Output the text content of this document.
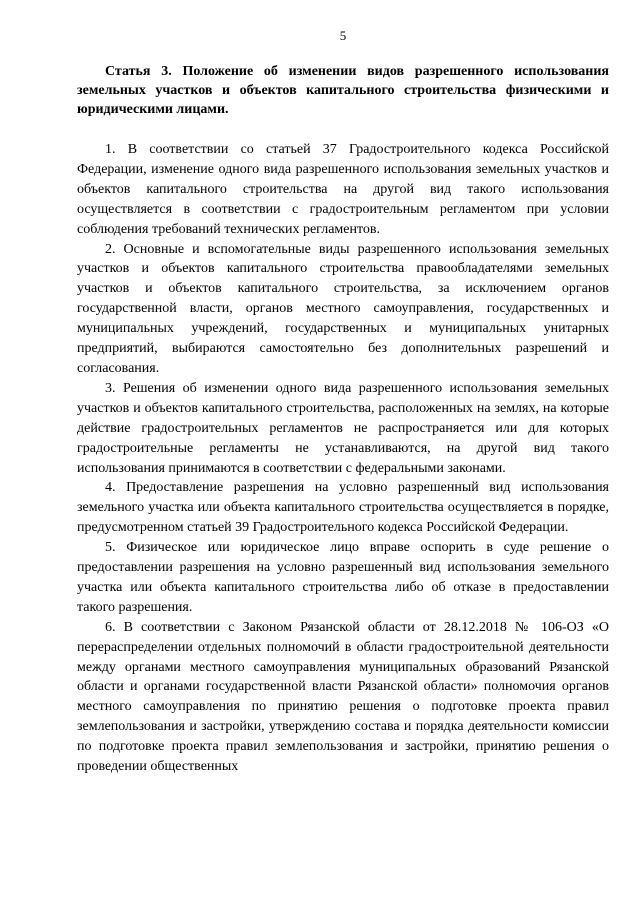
5
Статья 3. Положение об изменении видов разрешенного использования земельных участков и объектов капитального строительства физическими и юридическими лицами.

1. В соответствии со статьей 37 Градостроительного кодекса Российской Федерации, изменение одного вида разрешенного использования земельных участков и объектов капитального строительства на другой вид такого использования осуществляется в соответствии с градостроительным регламентом при условии соблюдения требований технических регламентов.

2. Основные и вспомогательные виды разрешенного использования земельных участков и объектов капитального строительства правообладателями земельных участков и объектов капитального строительства, за исключением органов государственной власти, органов местного самоуправления, государственных и муниципальных учреждений, государственных и муниципальных унитарных предприятий, выбираются самостоятельно без дополнительных разрешений и согласования.

3. Решения об изменении одного вида разрешенного использования земельных участков и объектов капитального строительства, расположенных на землях, на которые действие градостроительных регламентов не распространяется или для которых градостроительные регламенты не устанавливаются, на другой вид такого использования принимаются в соответствии с федеральными законами.

4. Предоставление разрешения на условно разрешенный вид использования земельного участка или объекта капитального строительства осуществляется в порядке, предусмотренном статьей 39 Градостроительного кодекса Российской Федерации.

5. Физическое или юридическое лицо вправе оспорить в суде решение о предоставлении разрешения на условно разрешенный вид использования земельного участка или объекта капитального строительства либо об отказе в предоставлении такого разрешения.

6. В соответствии с Законом Рязанской области от 28.12.2018 № 106-ОЗ «О перераспределении отдельных полномочий в области градостроительной деятельности между органами местного самоуправления муниципальных образований Рязанской области и органами государственной власти Рязанской области» полномочия органов местного самоуправления по принятию решения о подготовке проекта правил землепользования и застройки, утверждению состава и порядка деятельности комиссии по подготовке проекта правил землепользования и застройки, принятию решения о проведении общественных
